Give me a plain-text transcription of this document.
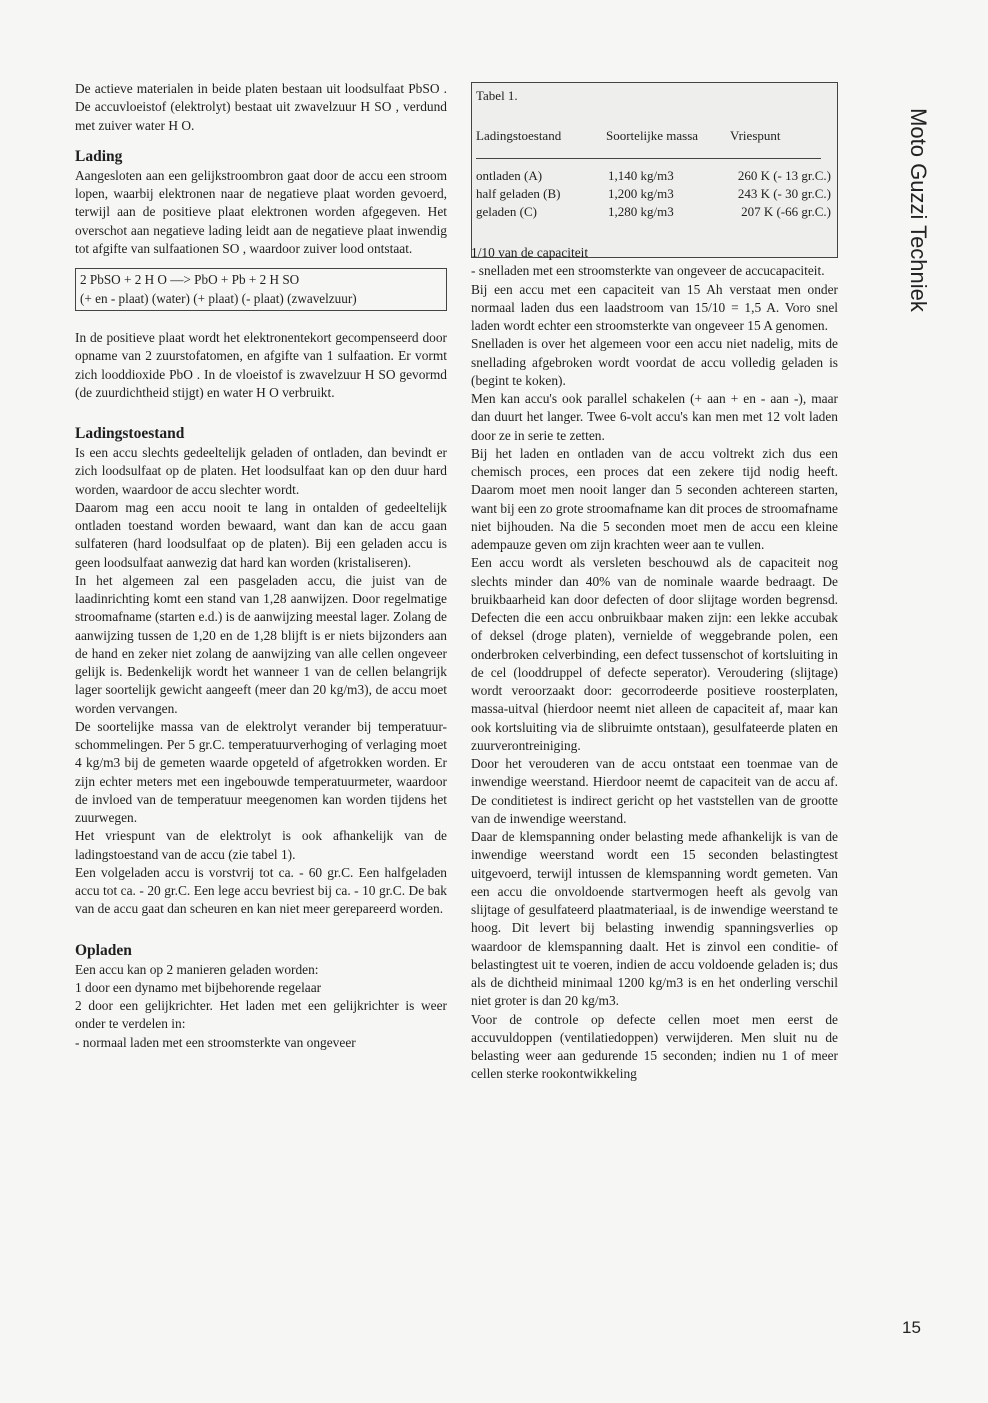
De actieve materialen in beide platen bestaan uit loodsulfaat PbSO . De accuvloeistof (elektrolyt) bestaat uit zwavelzuur H SO , verdund met zuiver water H O.

Lading

Aangesloten aan een gelijkstroombron gaat door de accu een stroom lopen, waarbij elektronen naar de negatieve plaat worden gevoerd, terwijl aan de positieve plaat elektronen worden afgegeven. Het overschot aan negatieve lading leidt aan de negatieve plaat inwendig tot afgifte van sulfaationen SO , waardoor zuiver lood ontstaat.

2 PbSO + 2 H O —> PbO + Pb + 2 H SO
(+ en - plaat) (water) (+ plaat) (- plaat) (zwavelzuur)

In de positieve plaat wordt het elektronentekort gecompenseerd door opname van 2 zuurstofatomen, en afgifte van 1 sulfaation. Er vormt zich looddioxide PbO . In de vloeistof is zwavelzuur H SO gevormd (de zuurdichtheid stijgt) en water H O verbruikt.

Ladingstoestand

Is een accu slechts gedeeltelijk geladen of ontladen, dan bevindt er zich loodsulfaat op de platen. Het loodsulfaat kan op den duur hard worden, waardoor de accu slechter wordt.

Daarom mag een accu nooit te lang in ontalden of gedeeltelijk ontladen toestand worden bewaard, want dan kan de accu gaan sulfateren (hard loodsulfaat op de platen). Bij een geladen accu is geen loodsulfaat aanwezig dat hard kan worden (kristaliseren).

In het algemeen zal een pasgeladen accu, die juist van de laadinrichting komt een stand van 1,28 aanwijzen. Door regelmatige stroomafname (starten e.d.) is de aanwijzing meestal lager. Zolang de aanwijzing tussen de 1,20 en de 1,28 blijft is er niets bijzonders aan de hand en zeker niet zolang de aanwijzing van alle cellen ongeveer gelijk is. Bedenkelijk wordt het wanneer 1 van de cellen belangrijk lager soortelijk gewicht aangeeft (meer dan 20 kg/m3), de accu moet worden vervangen.

De soortelijke massa van de elektrolyt verander bij temperatuur- schommelingen. Per 5 gr.C. temperatuurverhoging of verlaging moet 4 kg/m3 bij de gemeten waarde opgeteld of afgetrokken worden. Er zijn echter meters met een ingebouwde temperatuurmeter, waardoor de invloed van de temperatuur meegenomen kan worden tijdens het zuurwegen.

Het vriespunt van de elektrolyt is ook afhankelijk van de ladingstoestand van de accu (zie tabel 1).

Een volgeladen accu is vorstvrij tot ca. - 60 gr.C. Een halfgeladen accu tot ca. - 20 gr.C. Een lege accu bevriest bij ca. - 10 gr.C. De bak van de accu gaat dan scheuren en kan niet meer gerepareerd worden.

Opladen

Een accu kan op 2 manieren geladen worden:

1 door een dynamo met bijbehorende regelaar

2 door een gelijkrichter. Het laden met een gelijkrichter is weer onder te verdelen in:

- normaal laden met een stroomsterkte van ongeveer

Tabel 1.
Ladingstoestand	Soortelijke massa Vriespunt
ontladen (A)	1,140 kg/m3	260 K (- 13 gr.C.)
half geladen (B)	1,200 kg/m3	243 K (- 30 gr.C.)
geladen (C)	1,280 kg/m3	207 K (-66 gr.C.)

1/10 van de capaciteit

- snelladen met een stroomsterkte van ongeveer de accucapaciteit.

Bij een accu met een capaciteit van 15 Ah verstaat men onder normaal laden dus een laadstroom van 15/10 = 1,5 A. Voro snel laden wordt echter een stroomsterkte van ongeveer 15 A genomen.

Snelladen is over het algemeen voor een accu niet nadelig, mits de snellading afgebroken wordt voordat de accu volledig geladen is (begint te koken).

Men kan accu's ook parallel schakelen (+ aan + en - aan -), maar dan duurt het langer. Twee 6-volt accu's kan men met 12 volt laden door ze in serie te zetten.

Bij het laden en ontladen van de accu voltrekt zich dus een chemisch proces, een proces dat een zekere tijd nodig heeft. Daarom moet men nooit langer dan 5 seconden achtereen starten, want bij een zo grote stroomafname kan dit proces de stroomafname niet bijhouden. Na die 5 seconden moet men de accu een kleine adempauze geven om zijn krachten weer aan te vullen.

Een accu wordt als versleten beschouwd als de capaciteit nog slechts minder dan 40% van de nominale waarde bedraagt. De bruikbaarheid kan door defecten of door slijtage worden begrensd. Defecten die een accu onbruikbaar maken zijn: een lekke accubak of deksel (droge platen), vernielde of weggebrande polen, een onderbroken celverbinding, een defect tussenschot of kortsluiting in de cel (looddruppel of defecte seperator). Veroudering (slijtage) wordt veroorzaakt door: gecorrodeerde positieve roosterplaten, massa-uitval (hierdoor neemt niet alleen de capaciteit af, maar kan ook kortsluiting via de slibruimte ontstaan), gesulfateerde platen en zuurverontreiniging.

Door het verouderen van de accu ontstaat een toenmae van de inwendige weerstand. Hierdoor neemt de capaciteit van de accu af. De conditietest is indirect gericht op het vaststellen van de grootte van de inwendige weerstand.

Daar de klemspanning onder belasting mede afhankelijk is van de inwendige weerstand wordt een 15 seconden belastingtest uitgevoerd, terwijl intussen de klemspanning wordt gemeten. Van een accu die onvoldoende startvermogen heeft als gevolg van slijtage of gesulfateerd plaatmateriaal, is de inwendige weerstand te hoog. Dit levert bij belasting inwendig spanningsverlies op waardoor de klemspanning daalt. Het is zinvol een conditie- of belastingtest uit te voeren, indien de accu voldoende geladen is; dus als de dichtheid minimaal 1200 kg/m3 is en het onderling verschil niet groter is dan 20 kg/m3.

Voor de controle op defecte cellen moet men eerst de accuvuldoppen (ventilatiedoppen) verwijderen. Men sluit nu de belasting weer aan gedurende 15 seconden; indien nu 1 of meer cellen sterke rookontwikkeling

Moto Guzzi Techniek
15
